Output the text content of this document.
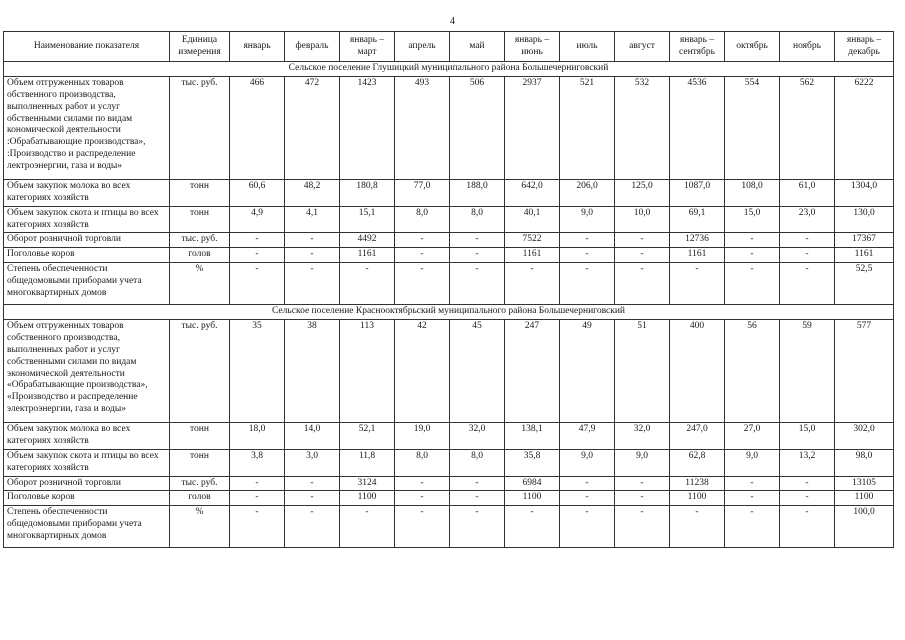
4
Наименование показателя	Единица измерения	январь	февраль	январь – март	апрель	май	январь – июнь	июль	август	январь – сентябрь	октябрь	ноябрь	январь – декабрь
Сельское поселение Глушицкий муниципального района Большечерниговский													
Объем отгруженных товаров обственного производства, выполненных работ и услуг обственными силами по видам кономической деятельности :Обрабатывающие производства», :Производство и распределение лектроэнергии, газа и воды»	тыс. руб.	466	472	1423	493	506	2937	521	532	4536	554	562	6222
Объем закупок молока во всех категориях хозяйств	тонн	60,6	48,2	180,8	77,0	188,0	642,0	206,0	125,0	1087,0	108,0	61,0	1304,0
Объем закупок скота и птицы во всех категориях хозяйств	тонн	4,9	4,1	15,1	8,0	8,0	40,1	9,0	10,0	69,1	15,0	23,0	130,0
Оборот розничной торговли	тыс. руб.	-	-	4492	-	-	7522	-	-	12736	-	-	17367
Поголовье коров	голов	-	-	1161	-	-	1161	-	-	1161	-	-	1161
Степень обеспеченности общедомовыми приборами учета многоквартирных домов	%	-	-	-	-	-	-	-	-	-	-	-	52,5
Сельское поселение Краснооктябрьский муниципального района Большечерниговский													
Объем отгруженных товаров собственного производства, выполненных работ и услуг собственными силами по видам экономической деятельности «Обрабатывающие производства», «Производство и распределение электроэнергии, газа и воды»	тыс. руб.	35	38	113	42	45	247	49	51	400	56	59	577
Объем закупок молока во всех категориях хозяйств	тонн	18,0	14,0	52,1	19,0	32,0	138,1	47,9	32,0	247,0	27,0	15,0	302,0
Объем закупок скота и птицы во всех категориях хозяйств	тонн	3,8	3,0	11,8	8,0	8,0	35,8	9,0	9,0	62,8	9,0	13,2	98,0
Оборот розничной торговли	тыс. руб.	-	-	3124	-	-	6984	-	-	11238	-	-	13105
Поголовье коров	голов	-	-	1100	-	-	1100	-	-	1100	-	-	1100
Степень обеспеченности общедомовыми приборами учета многоквартирных домов	%	-	-	-	-	-	-	-	-	-	-	-	100,0
